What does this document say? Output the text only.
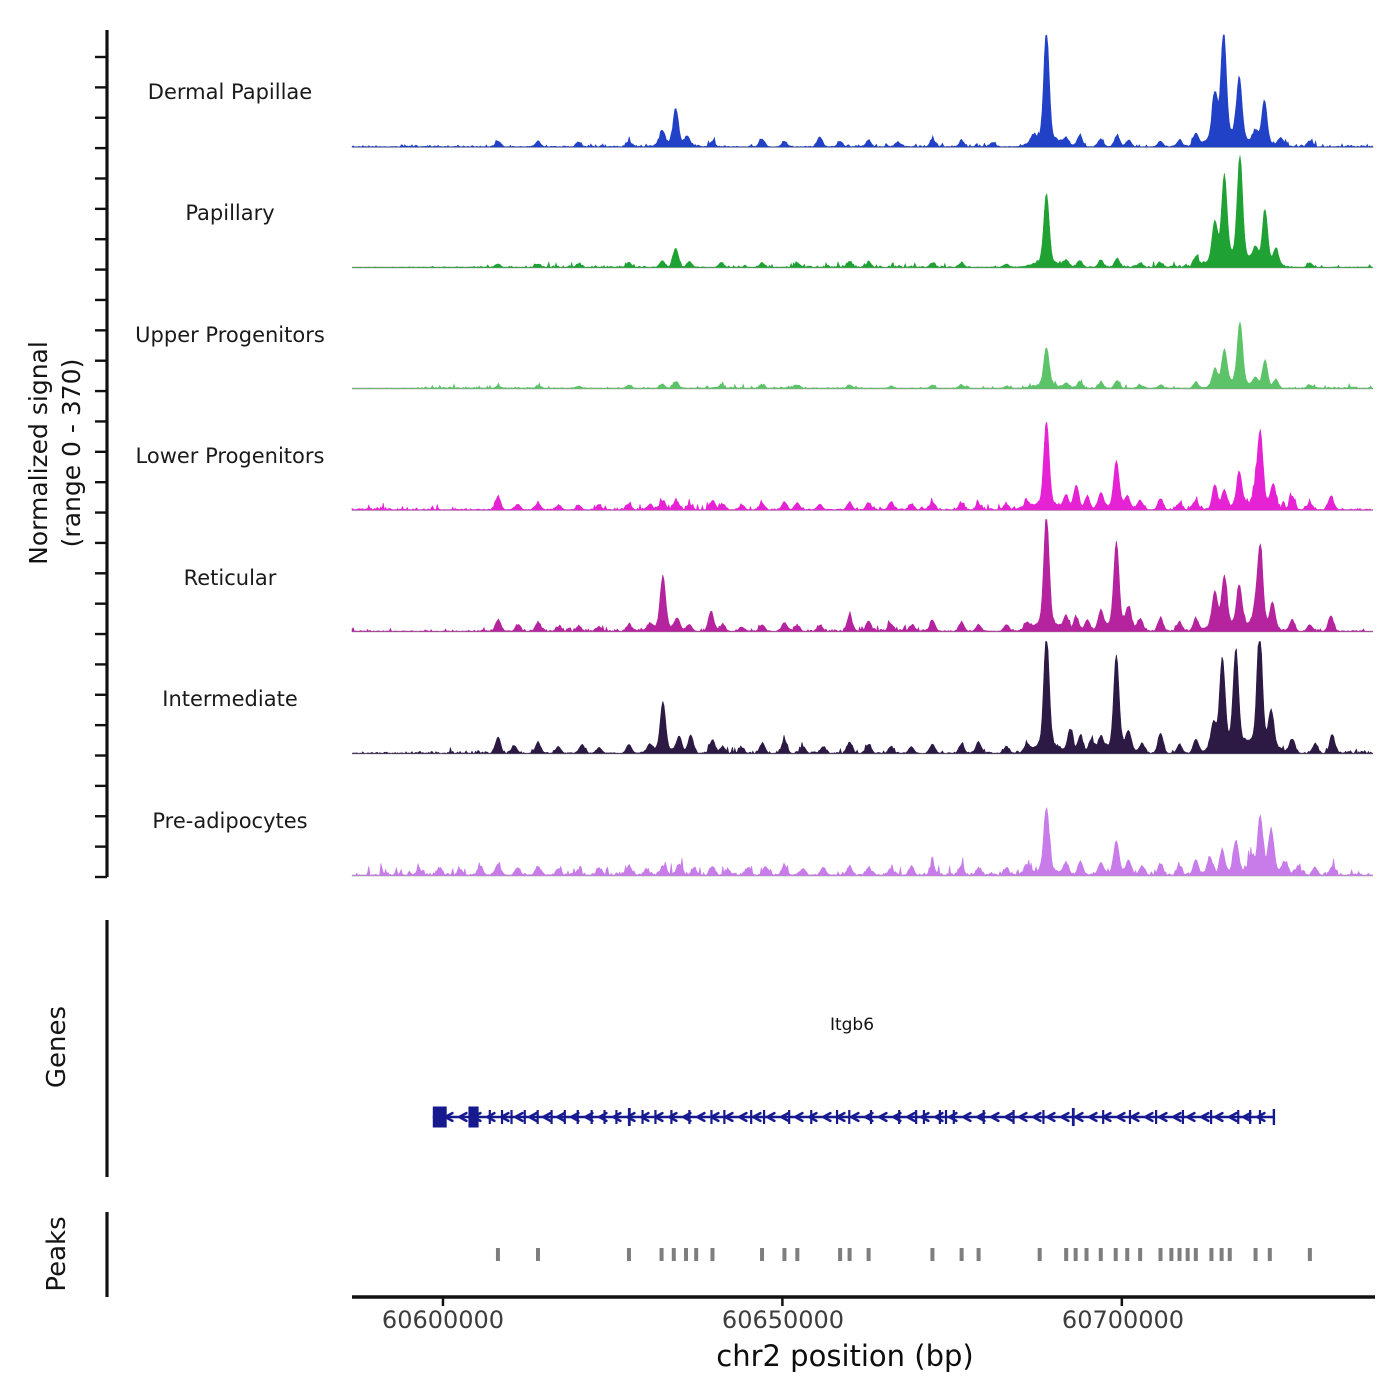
Normalized signal (range 0 - 370)
Dermal Papillae
Papillary
Upper Progenitors
Lower Progenitors
Reticular
Intermediate
Pre-adipocytes
Genes
Peaks
Itgb6
60600000	60650000	60700000
chr2 position (bp)
